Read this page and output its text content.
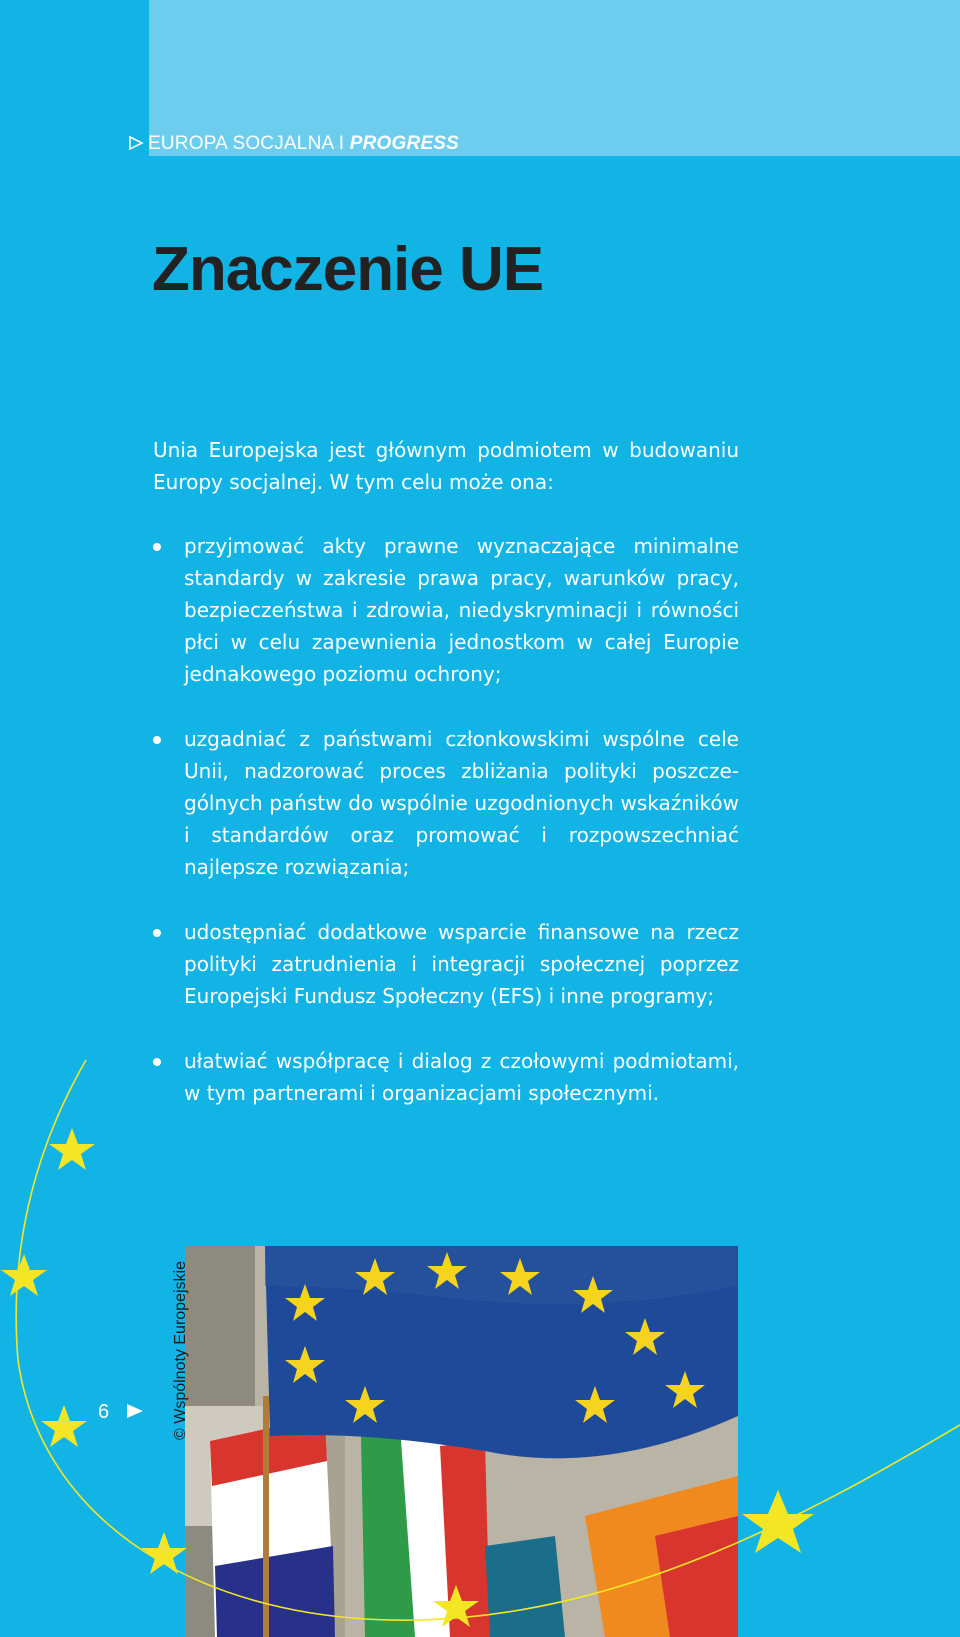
EUROPA SOCJALNA I PROGRESS
Znaczenie UE

Unia Europejska jest głównym podmiotem w budowaniu Europy socjalnej. W tym celu może ona:

przyjmować akty prawne wyznaczające minimalne standardy w zakresie prawa pracy, warunków pracy, bezpieczeństwa i zdrowia, niedyskryminacji i równości płci w celu zapewnienia jednostkom w całej Europie jednakowego poziomu ochrony;
uzgadniać z państwami członkowskimi wspólne cele Unii, nadzorować proces zbliżania polityki poszczególnych państw do wspólnie uzgodnionych wskaźników i standardów oraz promować i rozpowszechniać najlepsze rozwiązania;
udostępniać dodatkowe wsparcie finansowe na rzecz polityki zatrudnienia i integracji społecznej poprzez Europejski Fundusz Społeczny (EFS) i inne programy;
ułatwiać współpracę i dialog z czołowymi podmiotami, w tym partnerami i organizacjami społecznymi.
6	© Wspólnoty Europejskie
